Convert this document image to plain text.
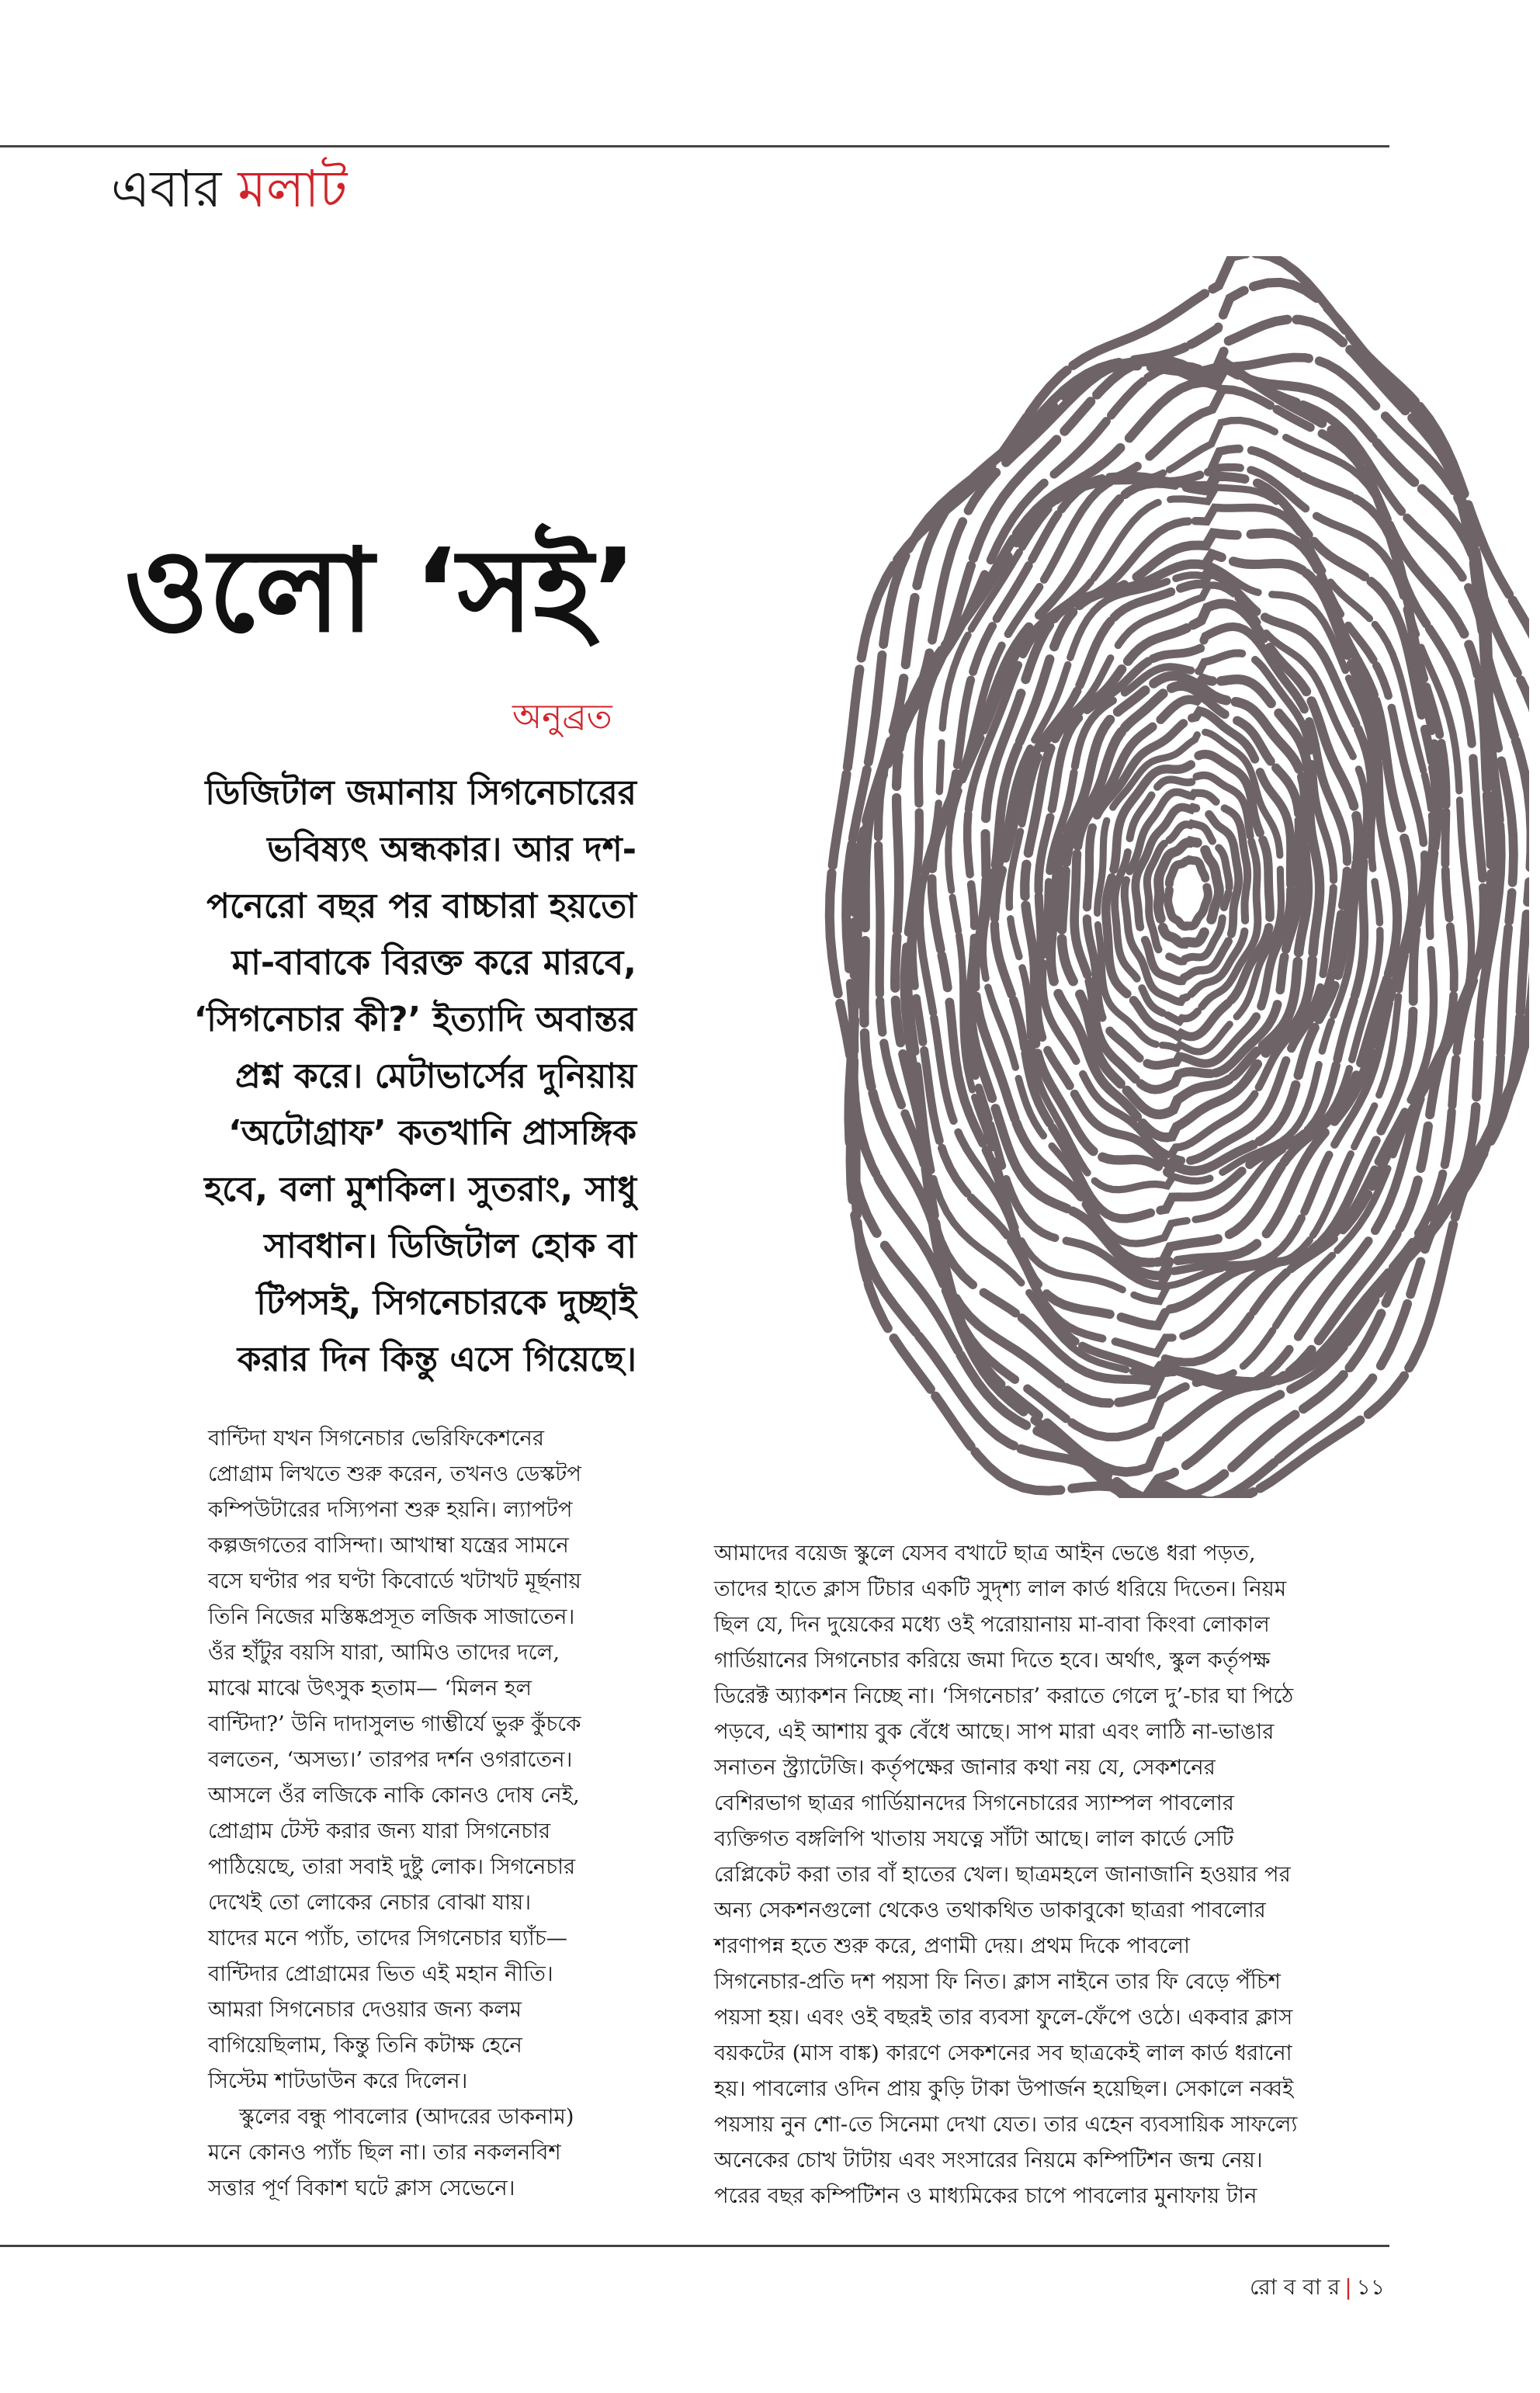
এবার মলাট
ওলো ‘সই’
অনুব্রত
ডিজিটাল জমানায় সিগনেচারের
ভবিষ্যৎ অন্ধকার। আর দশ-
পনেরো বছর পর বাচ্চারা হয়তো
মা-বাবাকে বিরক্ত করে মারবে,
‘সিগনেচার কী?’ ইত্যাদি অবান্তর
প্রশ্ন করে। মেটাভার্সের দুনিয়ায়
‘অটোগ্রাফ’ কতখানি প্রাসঙ্গিক
হবে, বলা মুশকিল। সুতরাং, সাধু
সাবধান। ডিজিটাল হোক বা
টিপসই, সিগনেচারকে দুচ্ছাই
করার দিন কিন্তু এসে গিয়েছে।

বান্টিদা যখন সিগনেচার ভেরিফিকেশনের
প্রোগ্রাম লিখতে শুরু করেন, তখনও ডেস্কটপ
কম্পিউটারের দস্যিপনা শুরু হয়নি। ল্যাপটপ
কল্পজগতের বাসিন্দা। আখাম্বা যন্ত্রের সামনে
বসে ঘণ্টার পর ঘণ্টা কিবোর্ডে খটাখট মূর্ছনায়
তিনি নিজের মস্তিষ্কপ্রসূত লজিক সাজাতেন।
ওঁর হাঁটুর বয়সি যারা, আমিও তাদের দলে,
মাঝে মাঝে উৎসুক হতাম— ‘মিলন হল
বান্টিদা?’ উনি দাদাসুলভ গাম্ভীর্যে ভুরু কুঁচকে
বলতেন, ‘অসভ্য।’ তারপর দর্শন ওগরাতেন।
আসলে ওঁর লজিকে নাকি কোনও দোষ নেই,
প্রোগ্রাম টেস্ট করার জন্য যারা সিগনেচার
পাঠিয়েছে, তারা সবাই দুষ্টু লোক। সিগনেচার
দেখেই তো লোকের নেচার বোঝা যায়।
যাদের মনে প্যাঁচ, তাদের সিগনেচার ঘ্যাঁচ—
বান্টিদার প্রোগ্রামের ভিত এই মহান নীতি।
আমরা সিগনেচার দেওয়ার জন্য কলম
বাগিয়েছিলাম, কিন্তু তিনি কটাক্ষ হেনে
সিস্টেম শাটডাউন করে দিলেন।

স্কুলের বন্ধু পাবলোর (আদরের ডাকনাম)
মনে কোনও প্যাঁচ ছিল না। তার নকলনবিশ
সত্তার পূর্ণ বিকাশ ঘটে ক্লাস সেভেনে।

আমাদের বয়েজ স্কুলে যেসব বখাটে ছাত্র আইন ভেঙে ধরা পড়ত,
তাদের হাতে ক্লাস টিচার একটি সুদৃশ্য লাল কার্ড ধরিয়ে দিতেন। নিয়ম
ছিল যে, দিন দুয়েকের মধ্যে ওই পরোয়ানায় মা-বাবা কিংবা লোকাল
গার্ডিয়ানের সিগনেচার করিয়ে জমা দিতে হবে। অর্থাৎ, স্কুল কর্তৃপক্ষ
ডিরেক্ট অ্যাকশন নিচ্ছে না। ‘সিগনেচার’ করাতে গেলে দু’-চার ঘা পিঠে
পড়বে, এই আশায় বুক বেঁধে আছে। সাপ মারা এবং লাঠি না-ভাঙার
সনাতন স্ট্র্যাটেজি। কর্তৃপক্ষের জানার কথা নয় যে, সেকশনের
বেশিরভাগ ছাত্রর গার্ডিয়ানদের সিগনেচারের স্যাম্পল পাবলোর
ব্যক্তিগত বঙ্গলিপি খাতায় সযত্নে সাঁটা আছে। লাল কার্ডে সেটি
রেপ্লিকেট করা তার বাঁ হাতের খেল। ছাত্রমহলে জানাজানি হওয়ার পর
অন্য সেকশনগুলো থেকেও তথাকথিত ডাকাবুকো ছাত্ররা পাবলোর
শরণাপন্ন হতে শুরু করে, প্রণামী দেয়। প্রথম দিকে পাবলো
সিগনেচার-প্রতি দশ পয়সা ফি নিত। ক্লাস নাইনে তার ফি বেড়ে পঁচিশ
পয়সা হয়। এবং ওই বছরই তার ব্যবসা ফুলে-ফেঁপে ওঠে। একবার ক্লাস
বয়কটের (মাস বাঙ্ক) কারণে সেকশনের সব ছাত্রকেই লাল কার্ড ধরানো
হয়। পাবলোর ওদিন প্রায় কুড়ি টাকা উপার্জন হয়েছিল। সেকালে নব্বই
পয়সায় নুন শো-তে সিনেমা দেখা যেত। তার এহেন ব্যবসায়িক সাফল্যে
অনেকের চোখ টাটায় এবং সংসারের নিয়মে কম্পিটিশন জন্ম নেয়।
পরের বছর কম্পিটিশন ও মাধ্যমিকের চাপে পাবলোর মুনাফায় টান

রো ব বা র | ১১
